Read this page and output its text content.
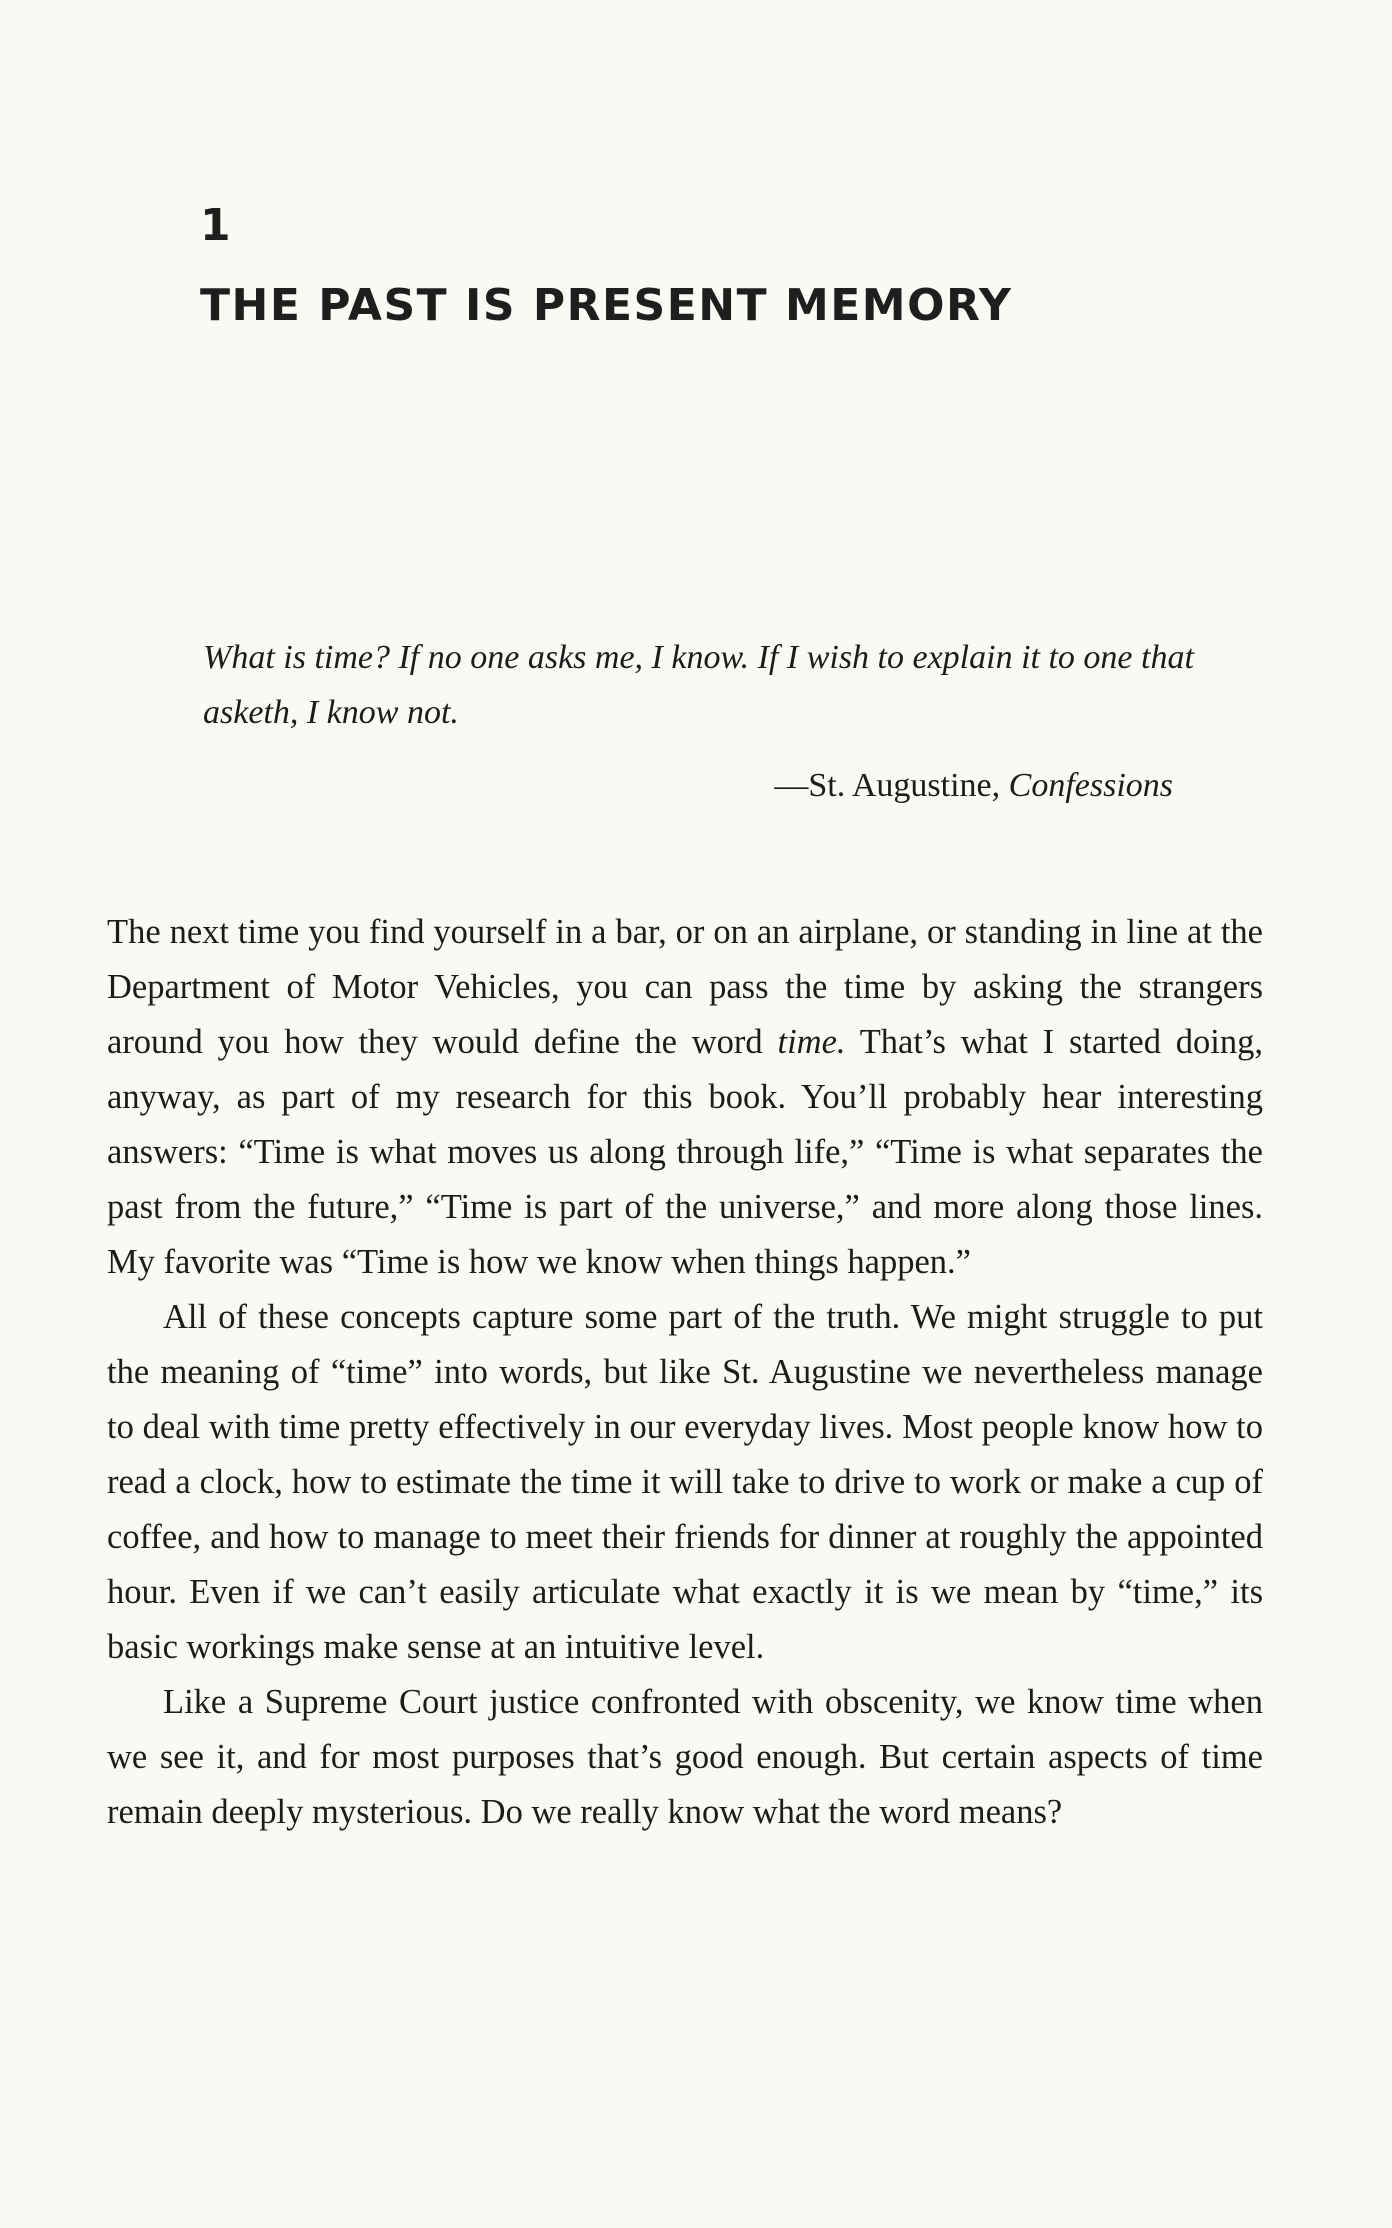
1
THE PAST IS PRESENT MEMORY

What is time? If no one asks me, I know. If I wish to explain it to one that asketh, I know not.

—St. Augustine, Confessions

The next time you find yourself in a bar, or on an airplane, or standing in line at the Department of Motor Vehicles, you can pass the time by asking the strangers around you how they would define the word time. That’s what I started doing, anyway, as part of my research for this book. You’ll probably hear interesting answers: “Time is what moves us along through life,” “Time is what separates the past from the future,” “Time is part of the universe,” and more along those lines. My favorite was “Time is how we know when things happen.”

All of these concepts capture some part of the truth. We might struggle to put the meaning of “time” into words, but like St. Augustine we nevertheless manage to deal with time pretty effectively in our everyday lives. Most people know how to read a clock, how to estimate the time it will take to drive to work or make a cup of coffee, and how to manage to meet their friends for dinner at roughly the appointed hour. Even if we can’t easily articulate what exactly it is we mean by “time,” its basic workings make sense at an intuitive level.

Like a Supreme Court justice confronted with obscenity, we know time when we see it, and for most purposes that’s good enough. But certain aspects of time remain deeply mysterious. Do we really know what the word means?
